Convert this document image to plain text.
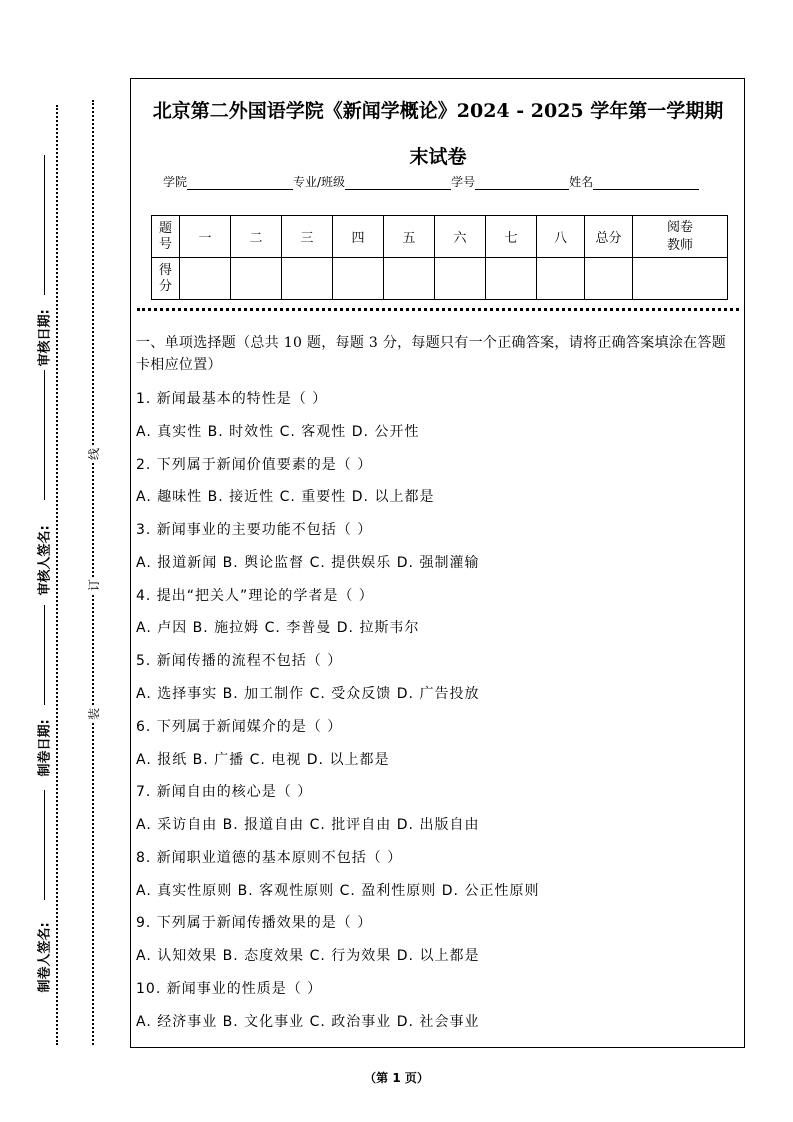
审核日期:
审核人签名:
制卷日期:
制卷人签名:
线
订
装
北京第二外国语学院《新闻学概论》2024 - 2025 学年第一学期期
末试卷
学院	专业/班级	学号	姓名
题号	一	二	三	四	五	六	七	八	总分	阅卷教师
得分										
一、单项选择题（总共 10 题，每题 3 分，每题只有一个正确答案，请将正确答案填涂在答题卡相应位置）
1. 新闻最基本的特性是（ ）
A. 真实性 B. 时效性 C. 客观性 D. 公开性
2. 下列属于新闻价值要素的是（ ）
A. 趣味性 B. 接近性 C. 重要性 D. 以上都是
3. 新闻事业的主要功能不包括（ ）
A. 报道新闻 B. 舆论监督 C. 提供娱乐 D. 强制灌输
4. 提出“把关人”理论的学者是（ ）
A. 卢因 B. 施拉姆 C. 李普曼 D. 拉斯韦尔
5. 新闻传播的流程不包括（ ）
A. 选择事实 B. 加工制作 C. 受众反馈 D. 广告投放
6. 下列属于新闻媒介的是（ ）
A. 报纸 B. 广播 C. 电视 D. 以上都是
7. 新闻自由的核心是（ ）
A. 采访自由 B. 报道自由 C. 批评自由 D. 出版自由
8. 新闻职业道德的基本原则不包括（ ）
A. 真实性原则 B. 客观性原则 C. 盈利性原则 D. 公正性原则
9. 下列属于新闻传播效果的是（ ）
A. 认知效果 B. 态度效果 C. 行为效果 D. 以上都是
10. 新闻事业的性质是（ ）
A. 经济事业 B. 文化事业 C. 政治事业 D. 社会事业
（第 1 页）
